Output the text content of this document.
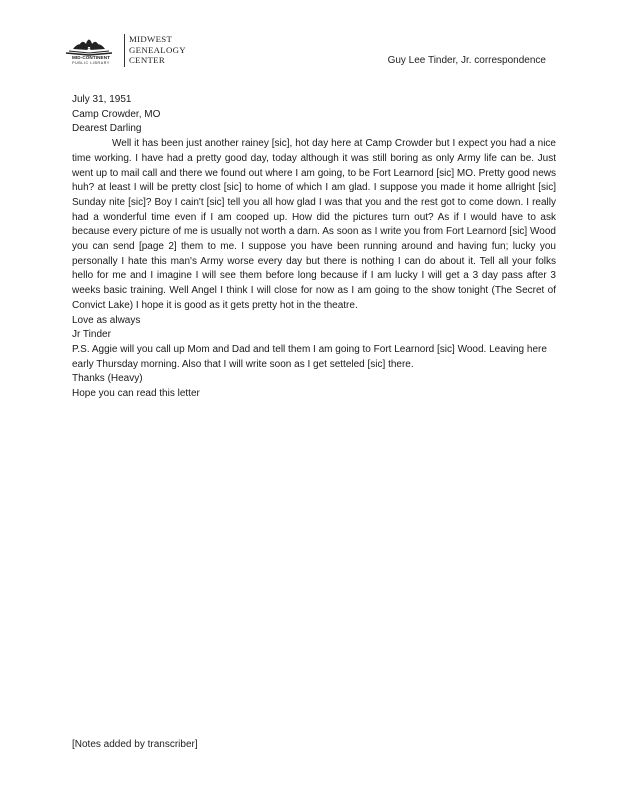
MID-CONTINENT
PUBLIC LIBRARY
MIDWEST
GENEALOGY
CENTER	Guy Lee Tinder, Jr. correspondence

July 31, 1951

Camp Crowder, MO

Dearest Darling

Well it has been just another rainey [sic], hot day here at Camp Crowder but I expect you had a nice time working. I have had a pretty good day, today although it was still boring as only Army life can be. Just went up to mail call and there we found out where I am going, to be Fort Learnord [sic] MO. Pretty good news huh? at least I will be pretty clost [sic] to home of which I am glad. I suppose you made it home allright [sic] Sunday nite [sic]? Boy I cain't [sic] tell you all how glad I was that you and the rest got to come down. I really had a wonderful time even if I am cooped up. How did the pictures turn out? As if I would have to ask because every picture of me is usually not worth a darn. As soon as I write you from Fort Learnord [sic] Wood you can send [page 2] them to me. I suppose you have been running around and having fun; lucky you personally I hate this man's Army worse every day but there is nothing I can do about it. Tell all your folks hello for me and I imagine I will see them before long because if I am lucky I will get a 3 day pass after 3 weeks basic training. Well Angel I think I will close for now as I am going to the show tonight (The Secret of Convict Lake) I hope it is good as it gets pretty hot in the theatre.

Love as always

Jr Tinder

P.S. Aggie will you call up Mom and Dad and tell them I am going to Fort Learnord [sic] Wood. Leaving here early Thursday morning. Also that I will write soon as I get setteled [sic] there.

Thanks (Heavy)

Hope you can read this letter

[Notes added by transcriber]
